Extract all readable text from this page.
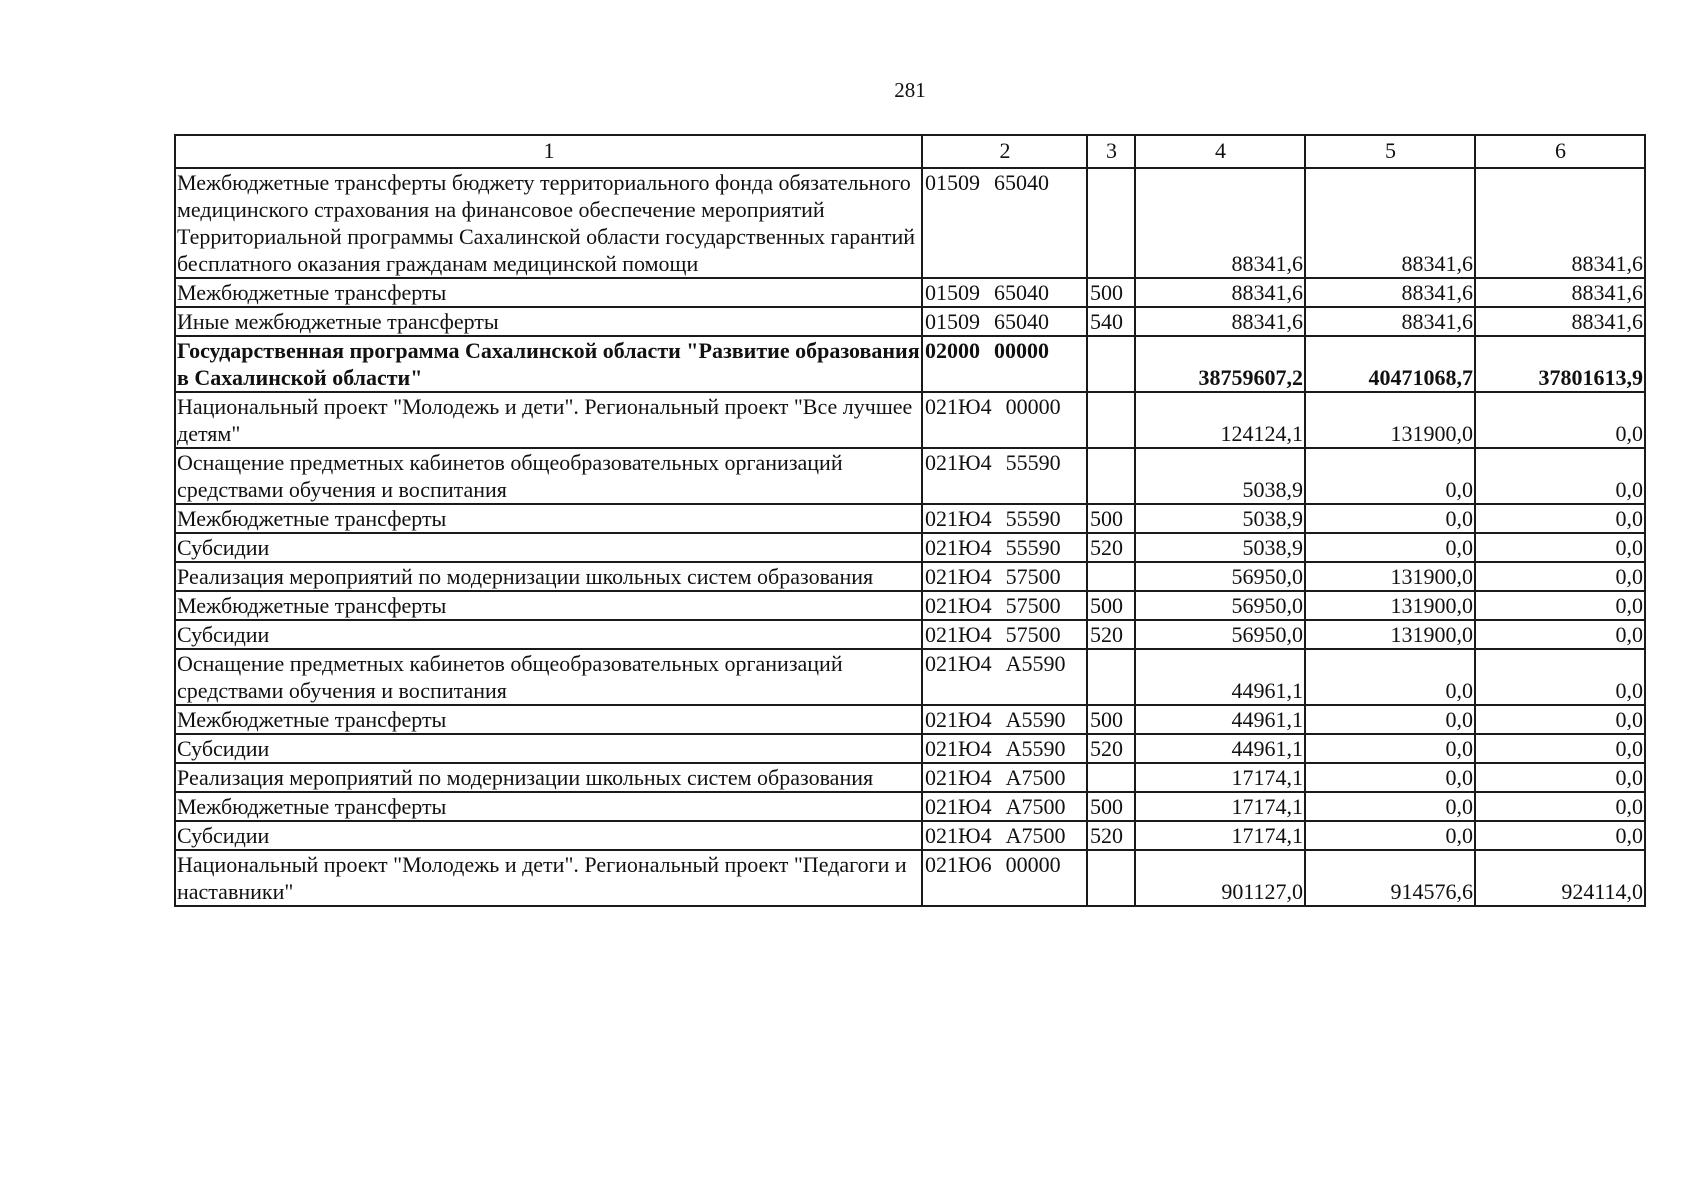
281
1	2	3	4	5	6
Межбюджетные трансферты бюджету территориального фонда обязательного медицинского страхования на финансовое обеспечение мероприятий Территориальной программы Сахалинской области государственных гарантий бесплатного оказания гражданам медицинской помощи	01509 65040		88341,6	88341,6	88341,6
Межбюджетные трансферты	01509 65040	500	88341,6	88341,6	88341,6
Иные межбюджетные трансферты	01509 65040	540	88341,6	88341,6	88341,6
Государственная программа Сахалинской области "Развитие образования в Сахалинской области"	02000 00000		38759607,2	40471068,7	37801613,9
Национальный проект "Молодежь и дети". Региональный проект "Все лучшее детям"	021Ю4 00000		124124,1	131900,0	0,0
Оснащение предметных кабинетов общеобразовательных организаций средствами обучения и воспитания	021Ю4 55590		5038,9	0,0	0,0
Межбюджетные трансферты	021Ю4 55590	500	5038,9	0,0	0,0
Субсидии	021Ю4 55590	520	5038,9	0,0	0,0
Реализация мероприятий по модернизации школьных систем образования	021Ю4 57500		56950,0	131900,0	0,0
Межбюджетные трансферты	021Ю4 57500	500	56950,0	131900,0	0,0
Субсидии	021Ю4 57500	520	56950,0	131900,0	0,0
Оснащение предметных кабинетов общеобразовательных организаций средствами обучения и воспитания	021Ю4 А5590		44961,1	0,0	0,0
Межбюджетные трансферты	021Ю4 А5590	500	44961,1	0,0	0,0
Субсидии	021Ю4 А5590	520	44961,1	0,0	0,0
Реализация мероприятий по модернизации школьных систем образования	021Ю4 А7500		17174,1	0,0	0,0
Межбюджетные трансферты	021Ю4 А7500	500	17174,1	0,0	0,0
Субсидии	021Ю4 А7500	520	17174,1	0,0	0,0
Национальный проект "Молодежь и дети". Региональный проект "Педагоги и наставники"	021Ю6 00000		901127,0	914576,6	924114,0
